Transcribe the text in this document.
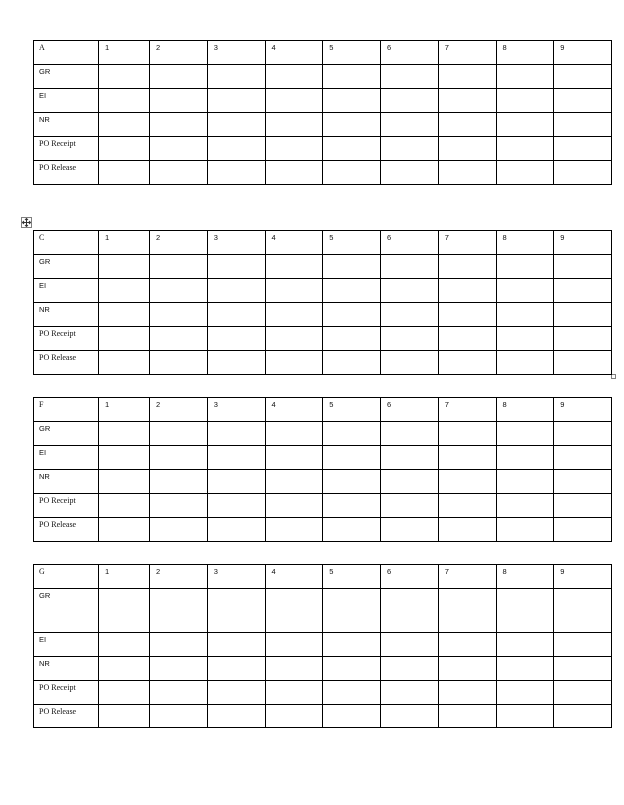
A	1	2	3	4	5	6	7	8	9

GR									

EI									

NR									

PO Receipt									

PO Release									

C	1	2	3	4	5	6	7	8	9

GR									

EI									

NR									

PO Receipt									

PO Release									

F	1	2	3	4	5	6	7	8	9

GR									

EI									

NR									

PO Receipt									

PO Release									

G	1	2	3	4	5	6	7	8	9

GR									

EI									

NR									

PO Receipt									

PO Release									
